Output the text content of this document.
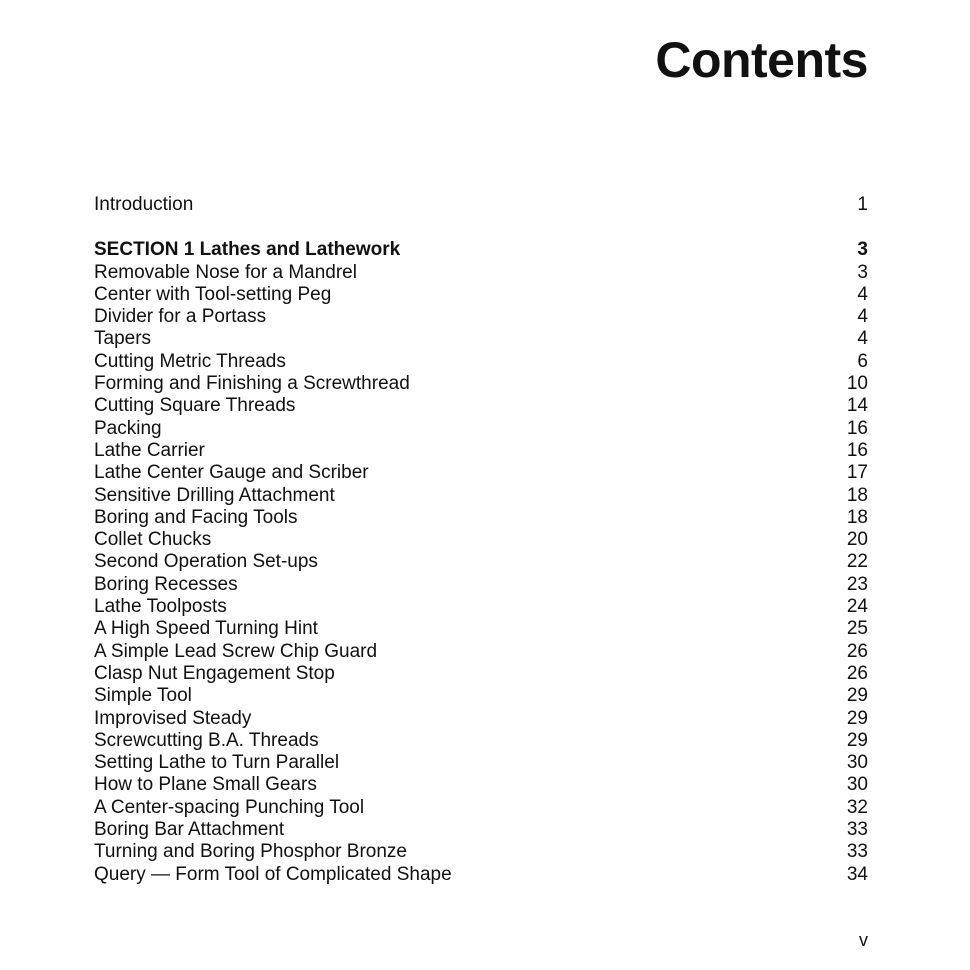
Contents
Introduction	1
SECTION 1 Lathes and Lathework	3
Removable Nose for a Mandrel	3
Center with Tool-setting Peg	4
Divider for a Portass	4
Tapers	4
Cutting Metric Threads	6
Forming and Finishing a Screwthread	10
Cutting Square Threads	14
Packing	16
Lathe Carrier	16
Lathe Center Gauge and Scriber	17
Sensitive Drilling Attachment	18
Boring and Facing Tools	18
Collet Chucks	20
Second Operation Set-ups	22
Boring Recesses	23
Lathe Toolposts	24
A High Speed Turning Hint	25
A Simple Lead Screw Chip Guard	26
Clasp Nut Engagement Stop	26
Simple Tool	29
Improvised Steady	29
Screwcutting B.A. Threads	29
Setting Lathe to Turn Parallel	30
How to Plane Small Gears	30
A Center-spacing Punching Tool	32
Boring Bar Attachment	33
Turning and Boring Phosphor Bronze	33
Query — Form Tool of Complicated Shape	34
v
